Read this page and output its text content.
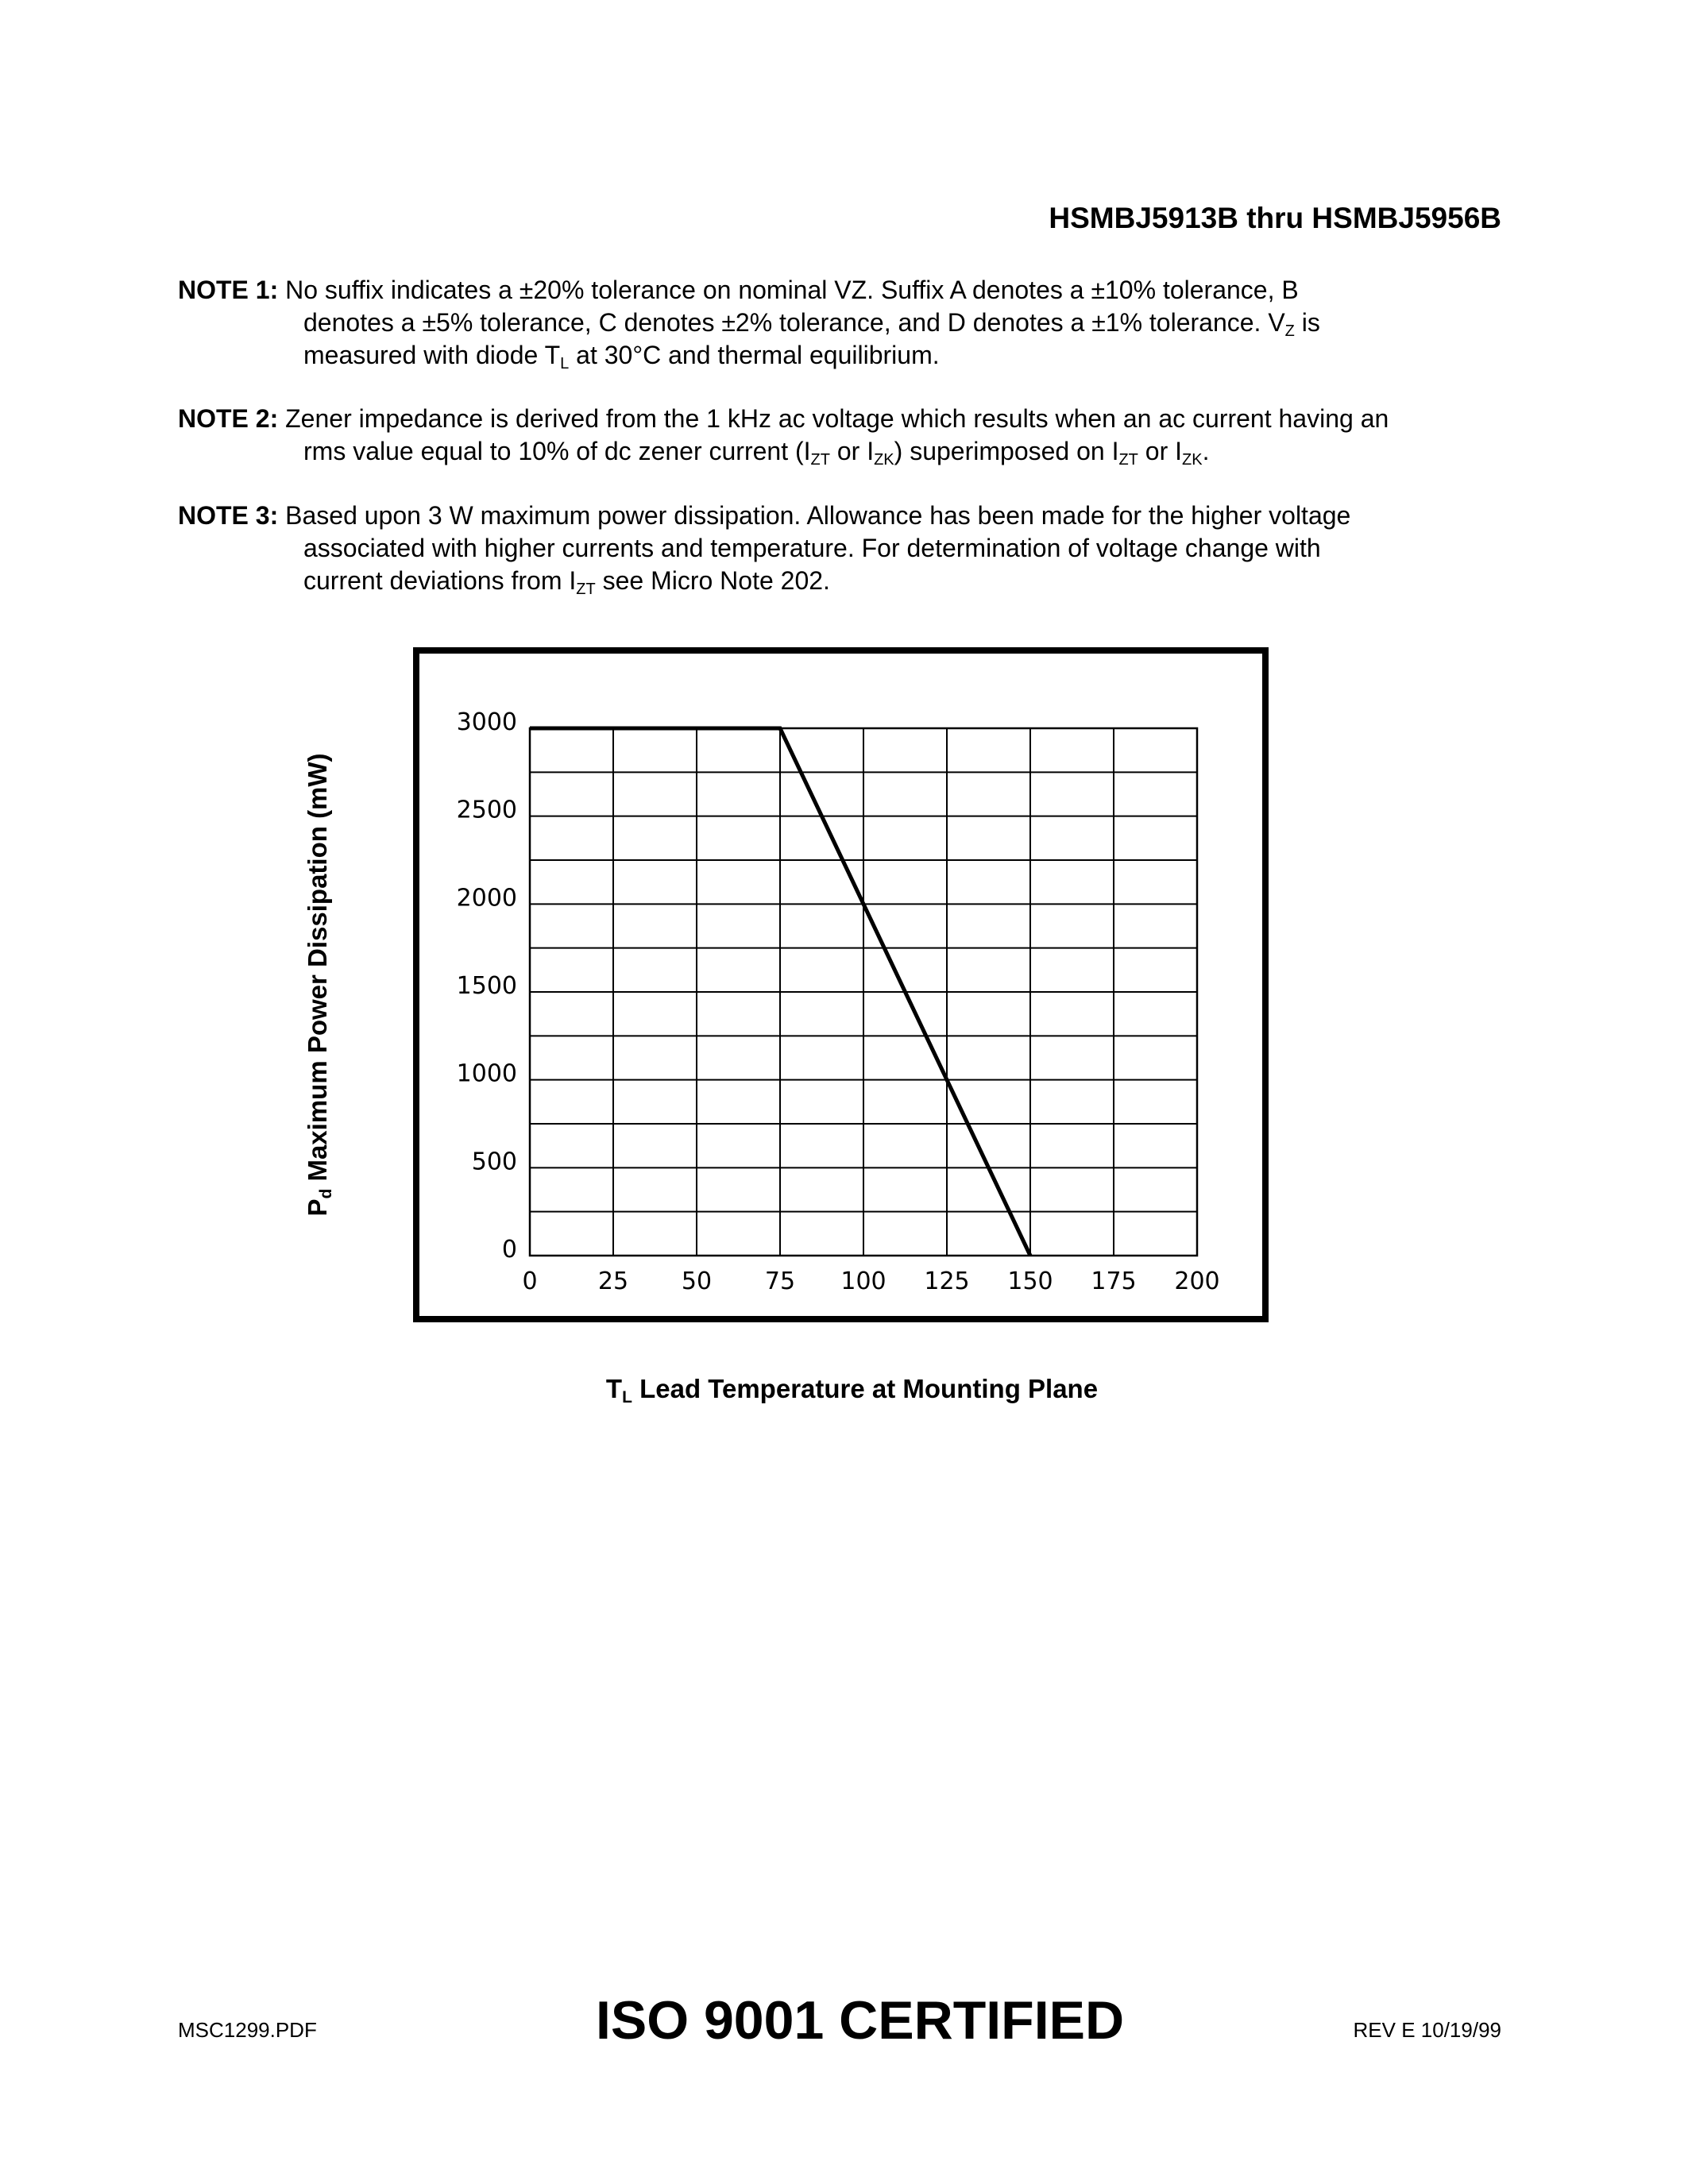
HSMBJ5913B thru HSMBJ5956B
NOTE 1: No suffix indicates a ±20% tolerance on nominal VZ. Suffix A denotes a ±10% tolerance, B
denotes a ±5% tolerance, C denotes ±2% tolerance, and D denotes a ±1% tolerance. $V_Z$ is
measured with diode $T_L$ at 30°C and thermal equilibrium.
NOTE 2: Zener impedance is derived from the 1 kHz ac voltage which results when an ac current having an
rms value equal to 10% of dc zener current ($I_{ZT}$ or $I_{ZK}$) superimposed on $I_{ZT}$ or $I_{ZK}$.
NOTE 3: Based upon 3 W maximum power dissipation. Allowance has been made for the higher voltage
associated with higher currents and temperature. For determination of voltage change with
current deviations from $I_{ZT}$ see Micro Note 202.
$P_d$ Maximum Power Dissipation (mW)
0	25 50 75 100 125 150 175 200
0
500
1000
1500
2000
2500
3000
$T_L$ Lead Temperature at Mounting Plane
MSC1299.PDF	ISO 9001 CERTIFIED	REV E 10/19/99
